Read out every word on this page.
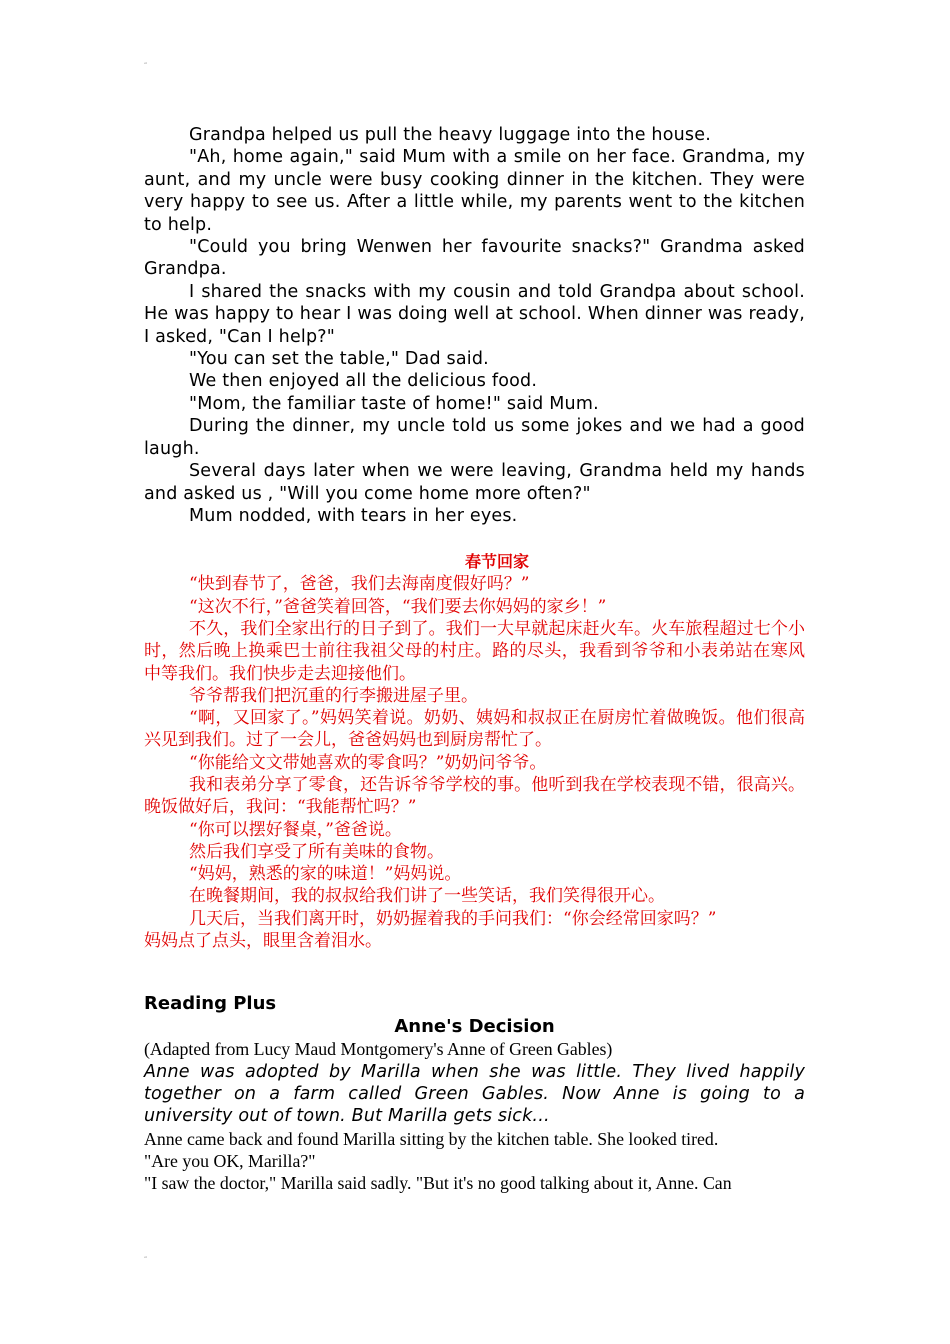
ˮ

Grandpa helped us pull the heavy luggage into the house.

"Ah, home again," said Mum with a smile on her face. Grandma, my aunt, and my uncle were busy cooking dinner in the kitchen. They were very happy to see us. After a little while, my parents went to the kitchen to help.

"Could you bring Wenwen her favourite snacks?" Grandma asked Grandpa.

I shared the snacks with my cousin and told Grandpa about school. He was happy to hear I was doing well at school. When dinner was ready, I asked, "Can I help?"

"You can set the table," Dad said.

We then enjoyed all the delicious food.

"Mom, the familiar taste of home!" said Mum.

During the dinner, my uncle told us some jokes and we had a good laugh.

Several days later when we were leaving, Grandma held my hands and asked us , "Will you come home more often?"

Mum nodded, with tears in her eyes.

春节回家

“快到春节了，爸爸，我们去海南度假好吗？”

“这次不行，”爸爸笑着回答，“我们要去你妈妈的家乡！”

不久，我们全家出行的日子到了。我们一大早就起床赶火车。火车旅程超过七个小时，然后晚上换乘巴士前往我祖父母的村庄。路的尽头，我看到爷爷和小表弟站在寒风中等我们。我们快步走去迎接他们。

爷爷帮我们把沉重的行李搬进屋子里。

“啊，又回家了。”妈妈笑着说。奶奶、姨妈和叔叔正在厨房忙着做晚饭。他们很高兴见到我们。过了一会儿，爸爸妈妈也到厨房帮忙了。

“你能给文文带她喜欢的零食吗？”奶奶问爷爷。

我和表弟分享了零食，还告诉爷爷学校的事。他听到我在学校表现不错，很高兴。晚饭做好后，我问：“我能帮忙吗？”

“你可以摆好餐桌，”爸爸说。

然后我们享受了所有美味的食物。

“妈妈，熟悉的家的味道！”妈妈说。

在晚餐期间，我的叔叔给我们讲了一些笑话，我们笑得很开心。

几天后，当我们离开时，奶奶握着我的手问我们：“你会经常回家吗？”

妈妈点了点头，眼里含着泪水。

Reading Plus

Anne's Decision

(Adapted from Lucy Maud Montgomery's Anne of Green Gables)

Anne was adopted by Marilla when she was little. They lived happily together on a farm called Green Gables. Now Anne is going to a university out of town. But Marilla gets sick...

Anne came back and found Marilla sitting by the kitchen table. She looked tired.

"Are you OK, Marilla?"

"I saw the doctor," Marilla said sadly. "But it's no good talking about it, Anne. Can

ˮ
